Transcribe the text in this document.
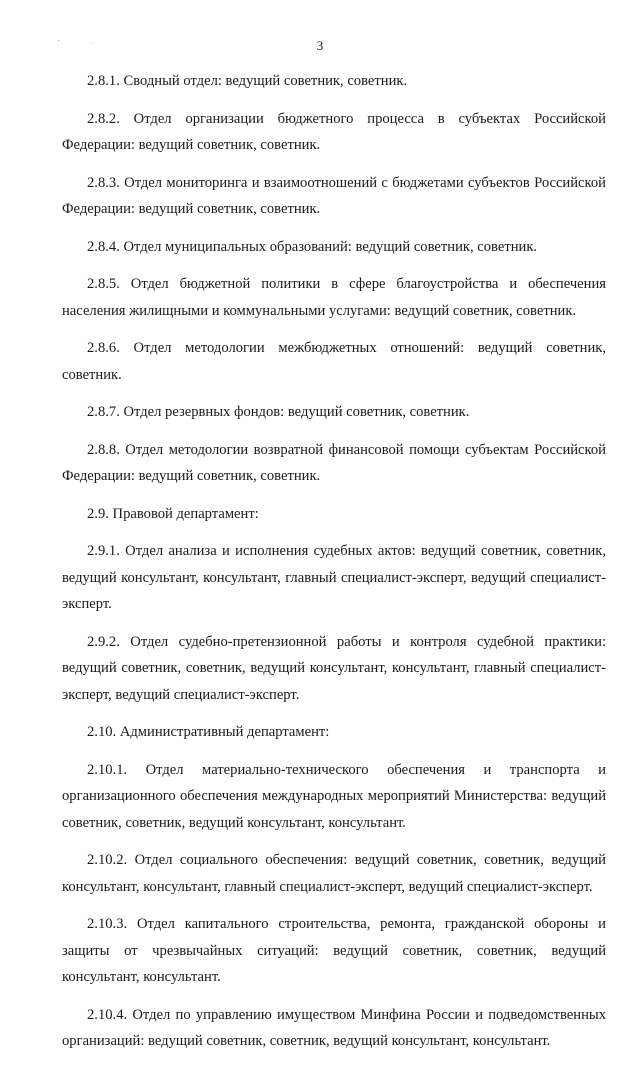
'	.	3

2.8.1. Сводный отдел: ведущий советник, советник.

2.8.2. Отдел организации бюджетного процесса в субъектах Российской Федерации: ведущий советник, советник.

2.8.3. Отдел мониторинга и взаимоотношений с бюджетами субъектов Российской Федерации: ведущий советник, советник.

2.8.4. Отдел муниципальных образований: ведущий советник, советник.

2.8.5. Отдел бюджетной политики в сфере благоустройства и обеспечения населения жилищными и коммунальными услугами: ведущий советник, советник.

2.8.6. Отдел методологии межбюджетных отношений: ведущий советник, советник.

2.8.7. Отдел резервных фондов: ведущий советник, советник.

2.8.8. Отдел методологии возвратной финансовой помощи субъектам Российской Федерации: ведущий советник, советник.

2.9. Правовой департамент:

2.9.1. Отдел анализа и исполнения судебных актов: ведущий советник, советник, ведущий консультант, консультант, главный специалист-эксперт, ведущий специалист-эксперт.

2.9.2. Отдел судебно-претензионной работы и контроля судебной практики: ведущий советник, советник, ведущий консультант, консультант, главный специалист-эксперт, ведущий специалист-эксперт.

2.10. Административный департамент:

2.10.1. Отдел материально-технического обеспечения и транспорта и организационного обеспечения международных мероприятий Министерства: ведущий советник, советник, ведущий консультант, консультант.

2.10.2. Отдел социального обеспечения: ведущий советник, советник, ведущий консультант, консультант, главный специалист-эксперт, ведущий специалист-эксперт.

2.10.3. Отдел капитального строительства, ремонта, гражданской обороны и защиты от чрезвычайных ситуаций: ведущий советник, советник, ведущий консультант, консультант.

2.10.4. Отдел по управлению имуществом Минфина России и подведомственных организаций: ведущий советник, советник, ведущий консультант, консультант.
